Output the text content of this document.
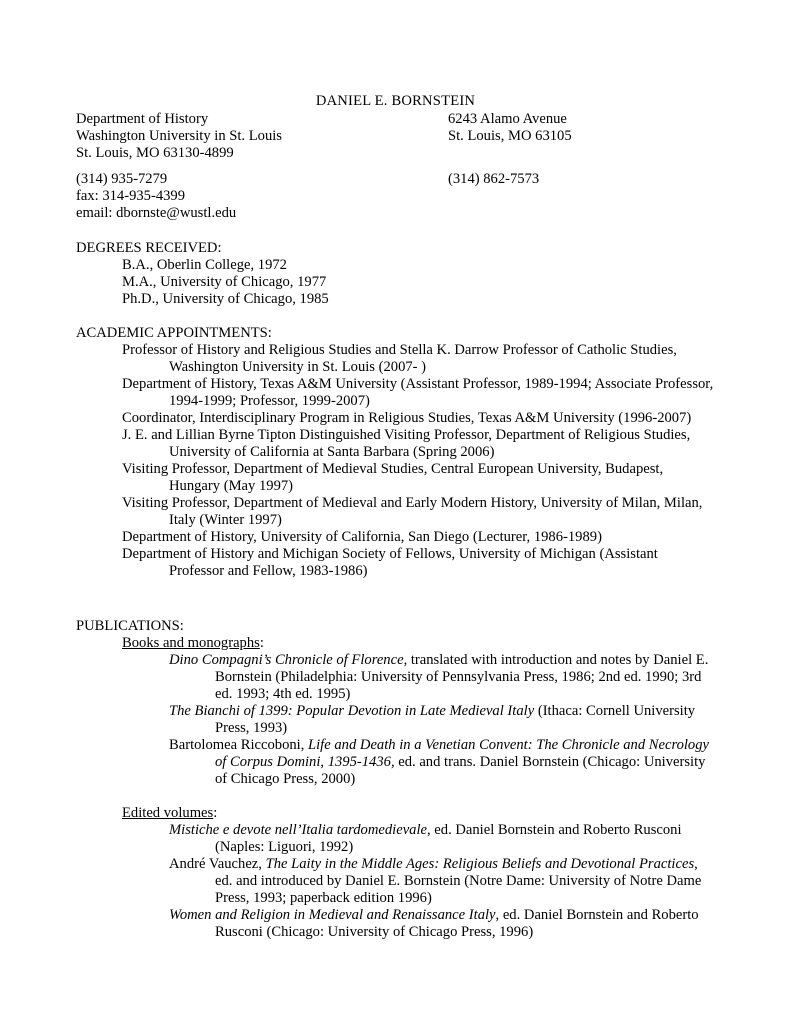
DANIEL E. BORNSTEIN
Department of History
Washington University in St. Louis
St. Louis, MO 63130-4899
6243 Alamo Avenue
St. Louis, MO 63105
(314) 935-7279
fax: 314-935-4399
email: dbornste@wustl.edu
(314) 862-7573
DEGREES RECEIVED:
B.A., Oberlin College, 1972
M.A., University of Chicago, 1977
Ph.D., University of Chicago, 1985
ACADEMIC APPOINTMENTS:
Professor of History and Religious Studies and Stella K. Darrow Professor of Catholic Studies, Washington University in St. Louis (2007- )
Department of History, Texas A&M University (Assistant Professor, 1989-1994; Associate Professor, 1994-1999; Professor, 1999-2007)
Coordinator, Interdisciplinary Program in Religious Studies, Texas A&M University (1996-2007)
J. E. and Lillian Byrne Tipton Distinguished Visiting Professor, Department of Religious Studies, University of California at Santa Barbara (Spring 2006)
Visiting Professor, Department of Medieval Studies, Central European University, Budapest, Hungary (May 1997)
Visiting Professor, Department of Medieval and Early Modern History, University of Milan, Milan, Italy (Winter 1997)
Department of History, University of California, San Diego (Lecturer, 1986-1989)
Department of History and Michigan Society of Fellows, University of Michigan (Assistant Professor and Fellow, 1983-1986)
PUBLICATIONS:
Books and monographs:
Dino Compagni’s Chronicle of Florence, translated with introduction and notes by Daniel E. Bornstein (Philadelphia: University of Pennsylvania Press, 1986; 2nd ed. 1990; 3rd ed. 1993; 4th ed. 1995)
The Bianchi of 1399: Popular Devotion in Late Medieval Italy (Ithaca: Cornell University Press, 1993)
Bartolomea Riccoboni, Life and Death in a Venetian Convent: The Chronicle and Necrology of Corpus Domini, 1395-1436, ed. and trans. Daniel Bornstein (Chicago: University of Chicago Press, 2000)
Edited volumes:
Mistiche e devote nell’Italia tardomedievale, ed. Daniel Bornstein and Roberto Rusconi (Naples: Liguori, 1992)
André Vauchez, The Laity in the Middle Ages: Religious Beliefs and Devotional Practices, ed. and introduced by Daniel E. Bornstein (Notre Dame: University of Notre Dame Press, 1993; paperback edition 1996)
Women and Religion in Medieval and Renaissance Italy, ed. Daniel Bornstein and Roberto Rusconi (Chicago: University of Chicago Press, 1996)
